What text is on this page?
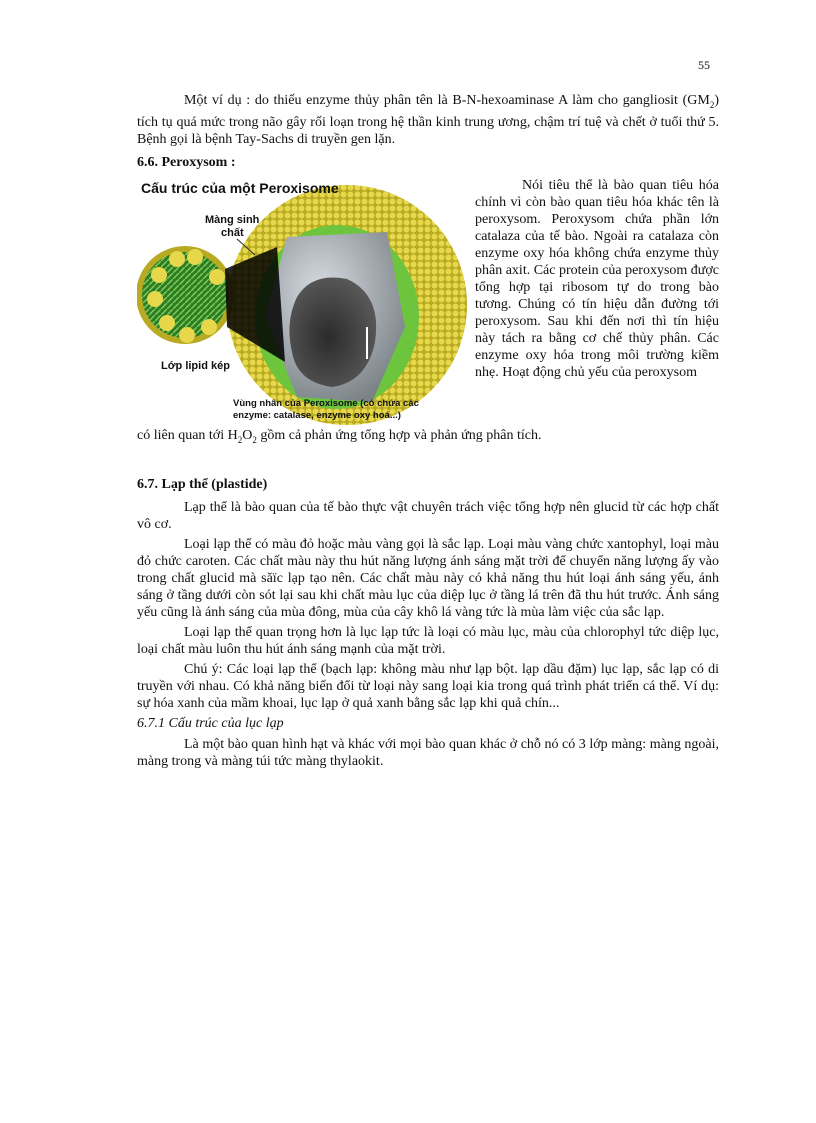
55

Một ví dụ : do thiếu enzyme thủy phân tên là B-N-hexoaminase A làm cho gangliosit $(GM_2)$ tích tụ quá mức trong não gây rối loạn trong hệ thần kinh trung ương, chậm trí tuệ và chết ở tuổi thứ 5. Bệnh gọi là bệnh Tay-Sachs di truyền gen lặn.

6.6. Peroxysom :
Cấu trúc của một Peroxisome
Màng sinh
chất
Lớp lipid kép
Vùng nhân của Peroxisome (có chứa các
enzyme: catalase, enzyme oxy hoá...)
Nói tiêu thể là bào quan tiêu hóa chính vì còn bào quan tiêu hóa khác tên là peroxysom. Peroxysom chứa phần lớn catalaza của tế bào. Ngoài ra catalaza còn enzyme oxy hóa không chứa enzyme thủy phân axit. Các protein của peroxysom được tổng hợp tại ribosom tự do trong bào tương. Chúng có tín hiệu dẫn đường tới peroxysom. Sau khi đến nơi thì tín hiệu này tách ra bằng cơ chế thủy phân. Các enzyme oxy hóa trong môi trường kiềm nhẹ. Hoạt động chủ yếu của peroxysom

có liên quan tới $H_2O_2$ gồm cả phản ứng tổng hợp và phản ứng phân tích.

6.7. Lạp thể (plastide)

Lạp thể là bào quan của tế bào thực vật chuyên trách việc tổng hợp nên glucid từ các hợp chất vô cơ.

Loại lạp thể có màu đỏ hoặc màu vàng gọi là sắc lạp. Loại màu vàng chức xantophyl, loại màu đỏ chức caroten. Các chất màu này thu hút năng lượng ánh sáng mặt trời để chuyển năng lượng ấy vào trong chất glucid mà săïc lạp tạo nên. Các chất màu này có khả năng thu hút loại ánh sáng yếu, ánh sáng ở tầng dưới còn sót lại sau khi chất màu lục của diệp lục ở tầng lá trên đã thu hút trước. Ánh sáng yếu cũng là ánh sáng của mùa đông, mùa của cây khô lá vàng tức là mùa làm việc của sắc lạp.

Loại lạp thể quan trọng hơn là lục lạp tức là loại có màu lục, màu của chlorophyl tức diệp lục, loại chất màu luôn thu hút ánh sáng mạnh của mặt trời.

Chú ý: Các loại lạp thể (bạch lạp: không màu như lạp bột. lạp dầu đặm) lục lạp, sắc lạp có di truyền với nhau. Có khả năng biến đổi từ loại này sang loại kia trong quá trình phát triển cá thể. Ví dụ: sự hóa xanh của mầm khoai, lục lạp ở quả xanh bằng sắc lạp khi quả chín...

6.7.1 Cấu trúc của lục lạp

Là một bào quan hình hạt và khác với mọi bào quan khác ở chỗ nó có 3 lớp màng: màng ngoài, màng trong và màng túi tức màng thylaokit.
